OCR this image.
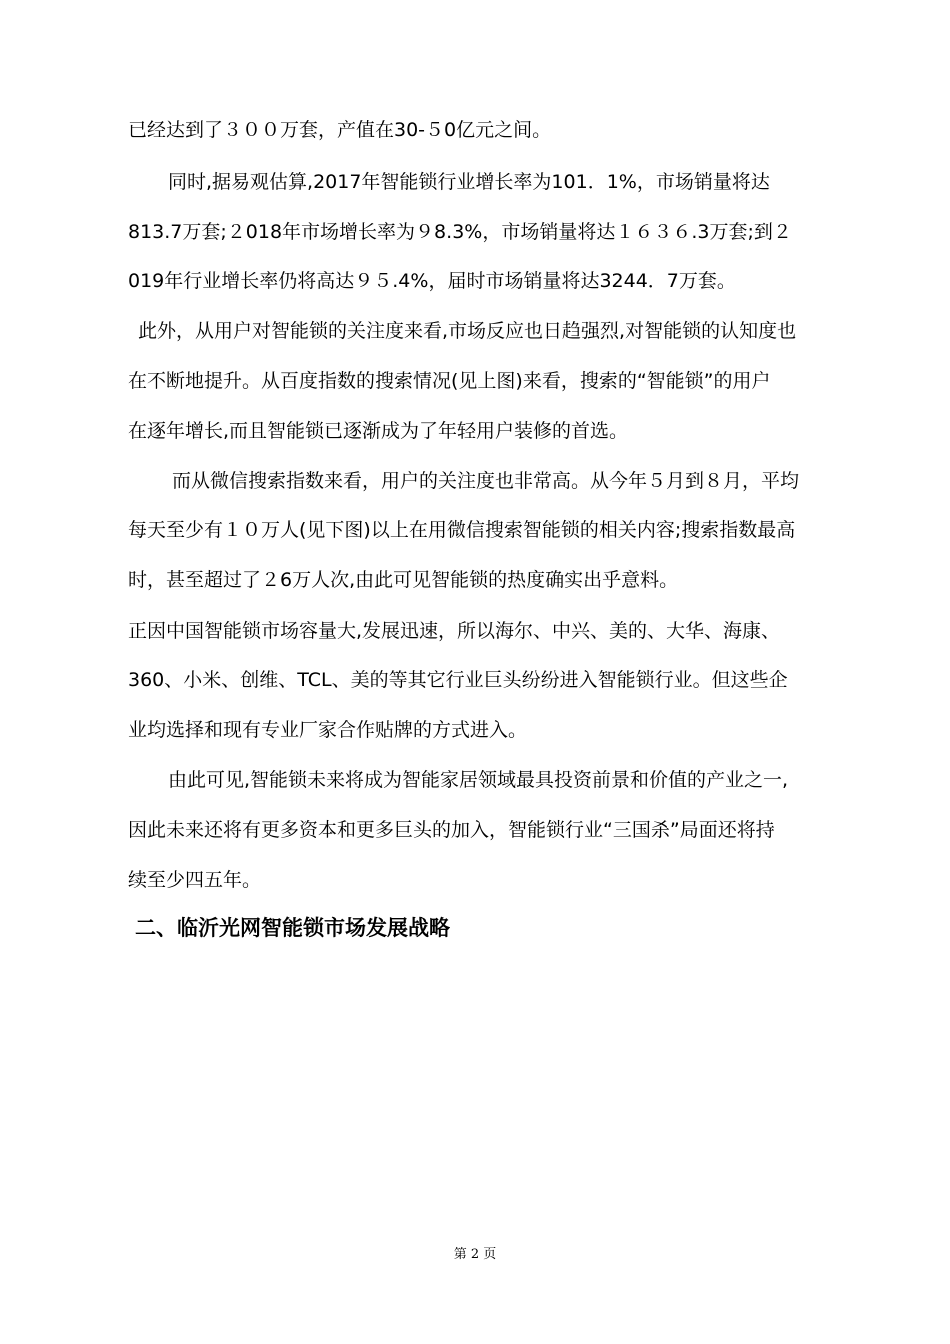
已经达到了３００万套，产值在30-５0亿元之间。
同时,据易观估算,2017年智能锁行业增长率为101．1%，市场销量将达
813.7万套;２018年市场增长率为９8.3%，市场销量将达１６３６.3万套;到２
019年行业增长率仍将高达９５.4%，届时市场销量将达3244．7万套。
此外，从用户对智能锁的关注度来看,市场反应也日趋强烈,对智能锁的认知度也
在不断地提升。从百度指数的搜索情况(见上图)来看，搜索的“智能锁”的用户
在逐年增长,而且智能锁已逐渐成为了年轻用户装修的首选。
而从微信搜索指数来看，用户的关注度也非常高。从今年５月到８月，平均
每天至少有１０万人(见下图)以上在用微信搜索智能锁的相关内容;搜索指数最高
时，甚至超过了２6万人次,由此可见智能锁的热度确实出乎意料。
正因中国智能锁市场容量大,发展迅速，所以海尔、中兴、美的、大华、海康、
360、小米、创维、TCL、美的等其它行业巨头纷纷进入智能锁行业。但这些企
业均选择和现有专业厂家合作贴牌的方式进入。
由此可见,智能锁未来将成为智能家居领域最具投资前景和价值的产业之一,
因此未来还将有更多资本和更多巨头的加入，智能锁行业“三国杀”局面还将持
续至少四五年。
二、临沂光网智能锁市场发展战略
第 2 页
